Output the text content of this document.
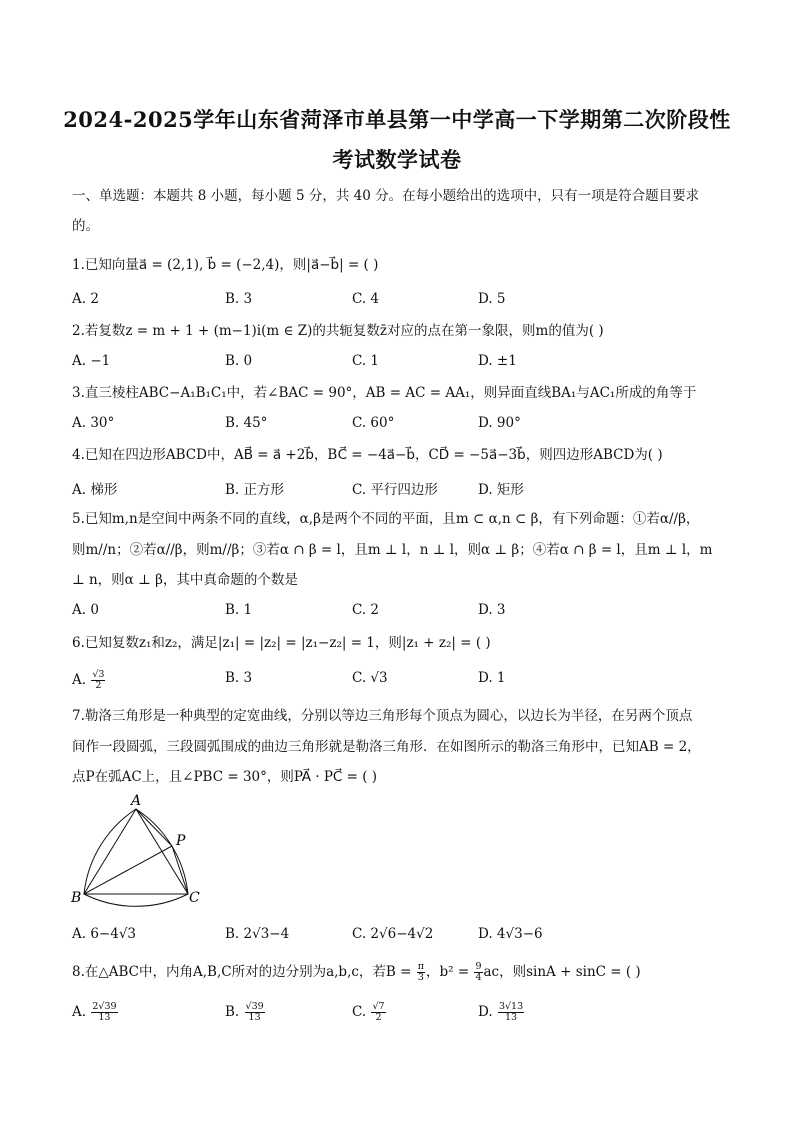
2024-2025学年山东省菏泽市单县第一中学高一下学期第二次阶段性
考试数学试卷
一、单选题：本题共 8 小题，每小题 5 分，共 40 分。在每小题给出的选项中，只有一项是符合题目要求
的。
1.已知向量a⃗ = (2,1), b⃗ = (−2,4)，则|a⃗−b⃗| = ( )
A. 2	B. 3	C. 4	D. 5
2.若复数z = m + 1 + (m−1)i(m ∈ Z)的共轭复数z̄对应的点在第一象限，则m的值为( )
A. −1	B. 0	C. 1	D. ±1
3.直三棱柱ABC−A₁B₁C₁中，若∠BAC = 90°，AB = AC = AA₁，则异面直线BA₁与AC₁所成的角等于
A. 30°	B. 45°	C. 60°	D. 90°
4.已知在四边形ABCD中，AB⃗ = a⃗ +2b⃗，BC⃗ = −4a⃗−b⃗，CD⃗ = −5a⃗−3b⃗，则四边形ABCD为( )
A. 梯形	B. 正方形	C. 平行四边形	D. 矩形
5.已知m,n是空间中两条不同的直线，α,β是两个不同的平面，且m ⊂ α,n ⊂ β，有下列命题：①若α//β，
则m//n；②若α//β，则m//β；③若α ∩ β = l，且m ⊥ l，n ⊥ l，则α ⊥ β；④若α ∩ β = l，且m ⊥ l，m
⊥ n，则α ⊥ β，其中真命题的个数是
A. 0	B. 1	C. 2	D. 3
6.已知复数z₁和z₂，满足|z₁| = |z₂| = |z₁−z₂| = 1，则|z₁ + z₂| = ( )
A. $\frac{√3}{2}$	B. 3	C. √3	D. 1
7.勒洛三角形是一种典型的定宽曲线，分别以等边三角形每个顶点为圆心，以边长为半径，在另两个顶点
间作一段圆弧，三段圆弧围成的曲边三角形就是勒洛三角形．在如图所示的勒洛三角形中，已知AB = 2，
点P在弧AC上，且∠PBC = 30°，则PA⃗ · PC⃗ = ( )
A
B	C
P
A. 6−4√3	B. 2√3−4	C. 2√6−4√2	D. 4√3−6
8.在△ABC中，内角A,B,C所对的边分别为a,b,c，若$B = \frac{\pi}{3}$ ，$b^2 = \frac{9}{4}$ ac，则sinA + sinC = ( )
A. $\frac{2√39}{13}$	B. $\frac{√39}{13}$	C. $\frac{√7}{2}$	D. $\frac{3√13}{13}$
